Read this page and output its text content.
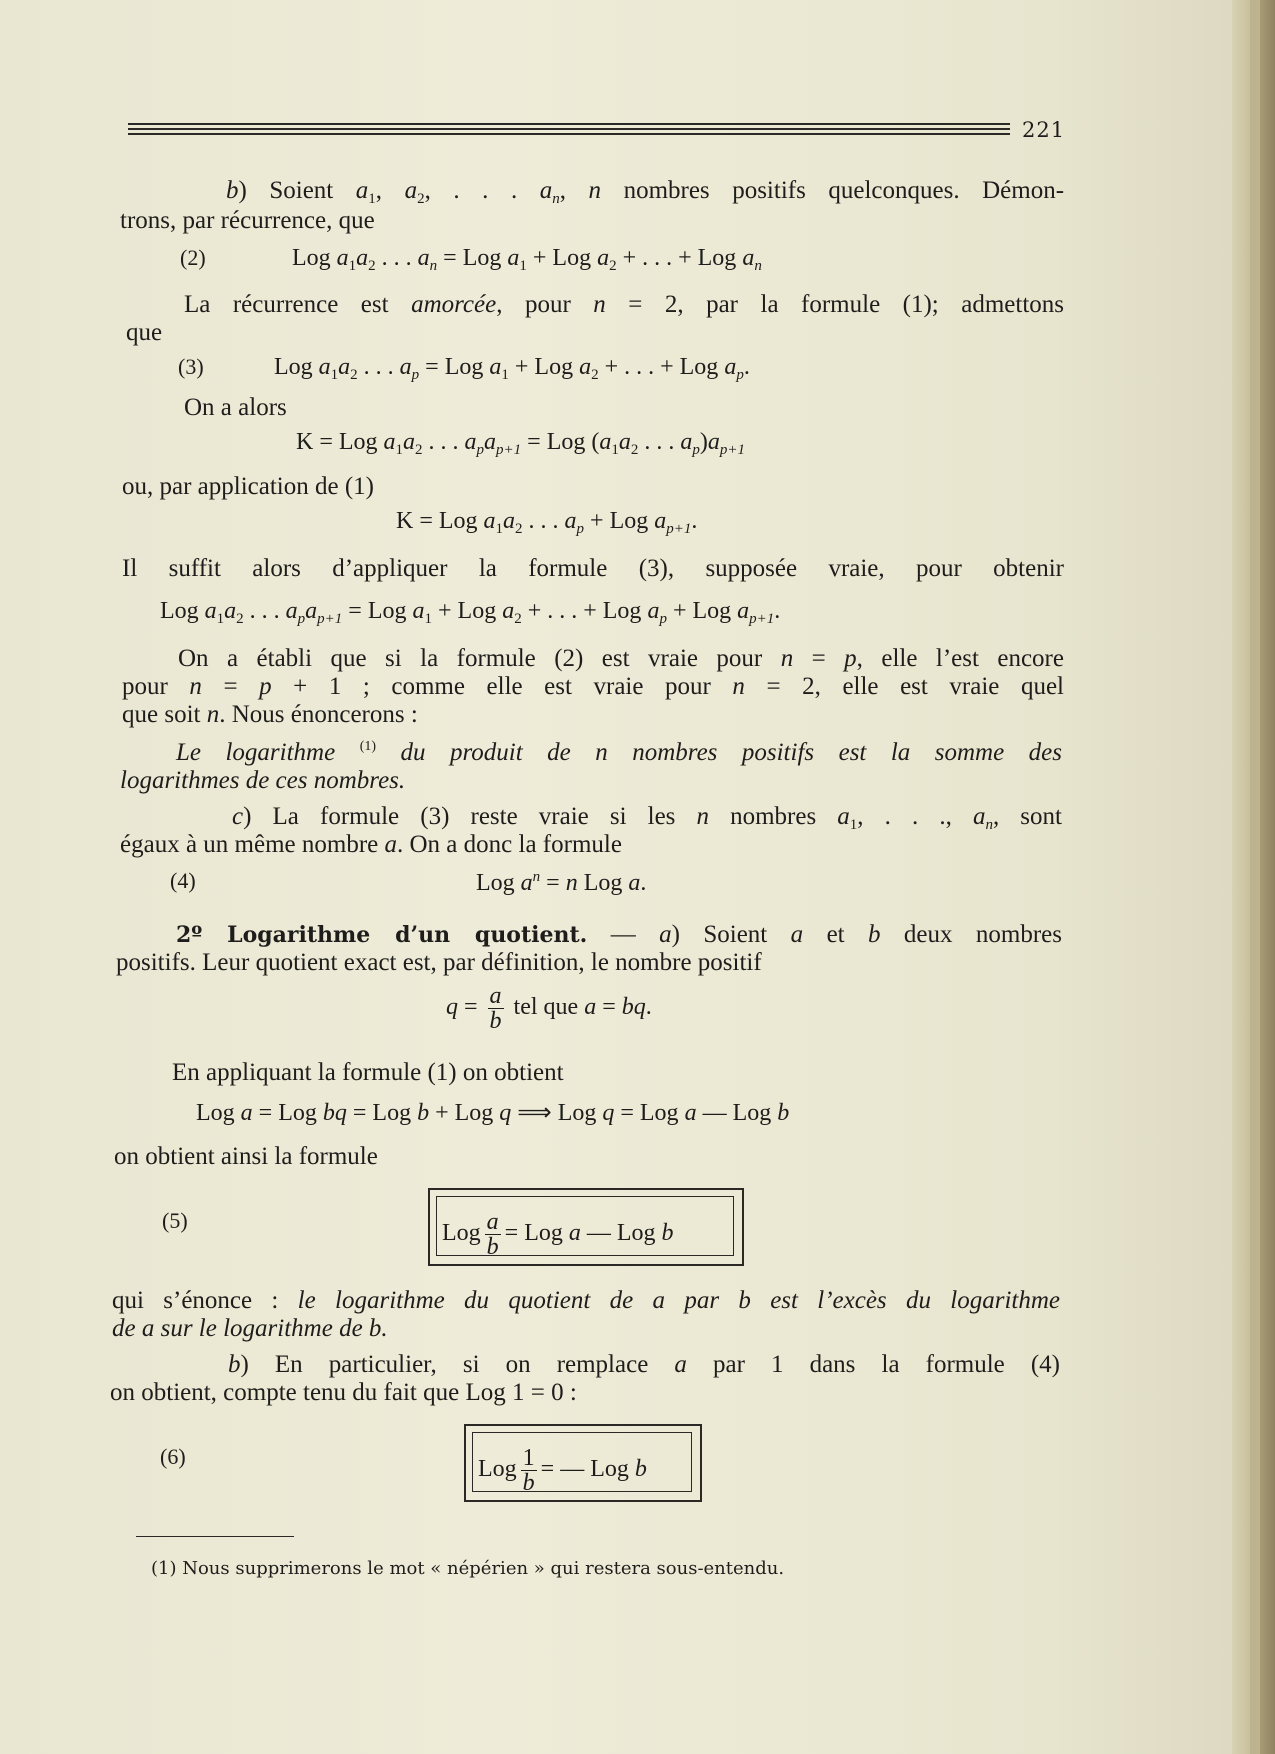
221
b) Soient $a_1$, $a_2$, . . . $a_n$, n nombres positifs quelconques. Démon-
trons, par récurrence, que
(2)	Log $a_1a_2$ . . . $a_n$ = Log $a_1$ + Log $a_2$ + . . . + Log $a_n$
La récurrence est amorcée, pour n = 2, par la formule (1); admettons
que
(3)	Log $a_1a_2$ . . . $a_p$ = Log $a_1$ + Log $a_2$ + . . . + Log $a_p$.
On a alors
K = Log $a_1a_2$ . . . $a_pa_{p+1}$ = Log ($a_1a_2$ . . . $a_p)a_{p+1}$
ou, par application de (1)
K = Log $a_1a_2$ . . . $a_p$ + Log $a_{p+1}$.
Il suffit alors d’appliquer la formule (3), supposée vraie, pour obtenir
Log $a_1a_2$ . . . $a_pa_{p+1}$ = Log $a_1$ + Log $a_2$ + . . . + Log $a_p$ + Log $a_{p+1}$.
On a établi que si la formule (2) est vraie pour n = p, elle l’est encore
pour n = p + 1 ; comme elle est vraie pour n = 2, elle est vraie quel
que soit n. Nous énoncerons :
Le logarithme $^{(1)}$ du produit de n nombres positifs est la somme des
logarithmes de ces nombres.
c) La formule (3) reste vraie si les n nombres $a_1$, . . ., $a_n$, sont
égaux à un même nombre a. On a donc la formule
(4)	Log $a^n = n$ Log a.
2º Logarithme d’un quotient. — a) Soient a et b deux nombres
positifs. Leur quotient exact est, par définition, le nombre positif
$q = \frac{a}{b}$ tel que a = bq.
En appliquant la formule (1) on obtient
Log a = Log bq = Log b + Log q ⟹ Log q = Log a — Log b
on obtient ainsi la formule
(5)	Log $\frac{a}{b}$ = Log a — Log b
qui s’énonce : le logarithme du quotient de a par b est l’excès du logarithme
de a sur le logarithme de b.
b) En particulier, si on remplace a par 1 dans la formule (4)
on obtient, compte tenu du fait que Log 1 = 0 :
(6)	Log $\frac{1}{b}$ = — Log b
(1) Nous supprimerons le mot « népérien » qui restera sous-entendu.
